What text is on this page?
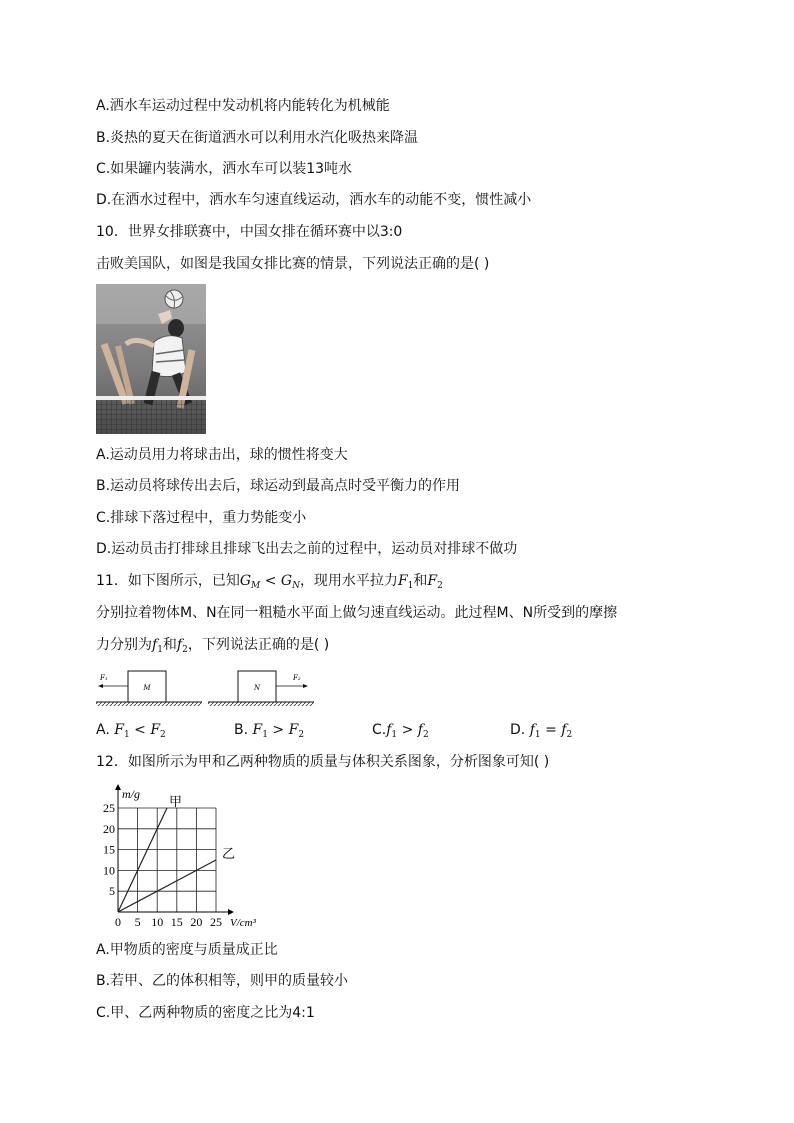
A.洒水车运动过程中发动机将内能转化为机械能
B.炎热的夏天在街道洒水可以利用水汽化吸热来降温
C.如果罐内装满水，洒水车可以装13吨水
D.在洒水过程中，洒水车匀速直线运动，洒水车的动能不变，惯性减小
10．世界女排联赛中，中国女排在循环赛中以3:0
击败美国队，如图是我国女排比赛的情景，下列说法正确的是( )
A.运动员用力将球击出，球的惯性将变大
B.运动员将球传出去后，球运动到最高点时受平衡力的作用
C.排球下落过程中，重力势能变小
D.运动员击打排球且排球飞出去之前的过程中，运动员对排球不做功
11．如下图所示，已知$G_M < G_N$，现用水平拉力$F_1$和$F_2$
分别拉着物体M、N在同一粗糙水平面上做匀速直线运动。此过程M、N所受到的摩擦
力分别为$f_1$和$f_2$，下列说法正确的是( )
M
F₁
N
F₂
A. $F_1 < F_2$	B. $F_1 > F_2$	$C.f_1 > f_2$	D. $f_1 = f_2$
12．如图所示为甲和乙两种物质的质量与体积关系图象，分析图象可知( )
0 5 10 15 20 25
5
10
15
20
25
m/g
V/cm³
甲
乙
A.甲物质的密度与质量成正比
B.若甲、乙的体积相等，则甲的质量较小
C.甲、乙两种物质的密度之比为4:1
